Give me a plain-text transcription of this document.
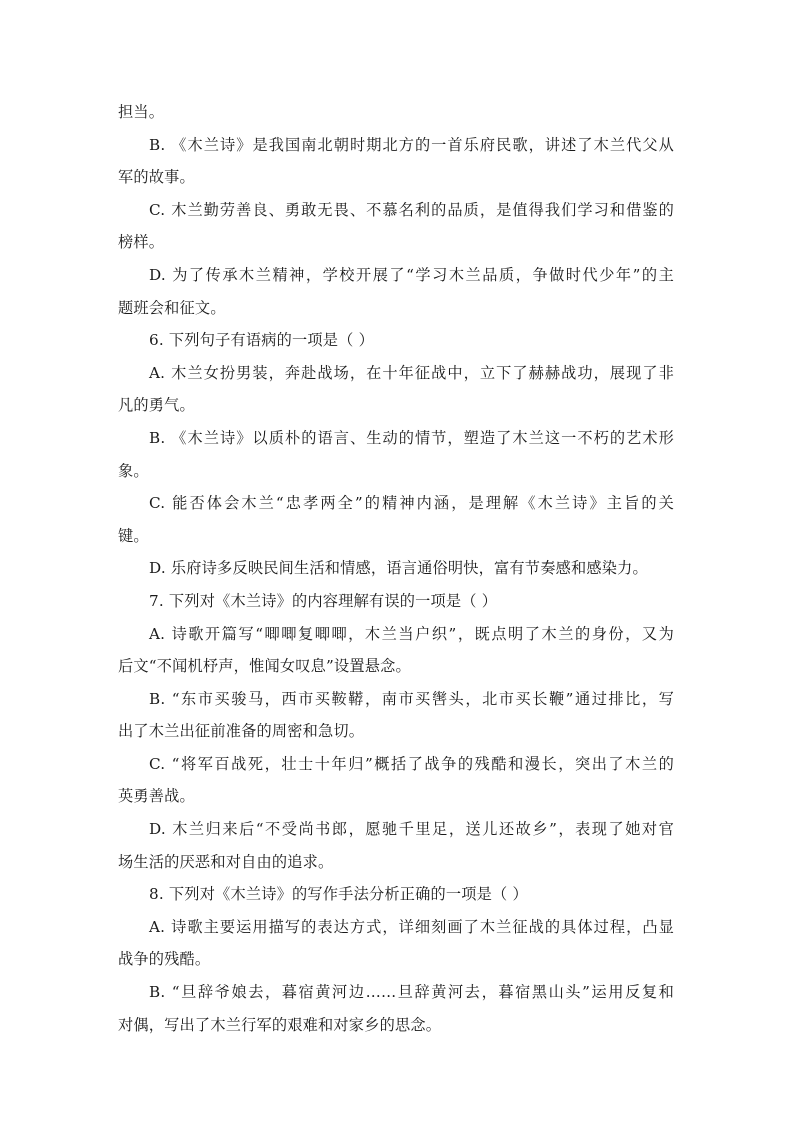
担当。
B. 《木兰诗》是我国南北朝时期北方的一首乐府民歌，讲述了木兰代父从
军的故事。
C. 木兰勤劳善良、勇敢无畏、不慕名利的品质，是值得我们学习和借鉴的
榜样。
D. 为了传承木兰精神，学校开展了“学习木兰品质，争做时代少年”的主
题班会和征文。
6. 下列句子有语病的一项是（ ）
A. 木兰女扮男装，奔赴战场，在十年征战中，立下了赫赫战功，展现了非
凡的勇气。
B. 《木兰诗》以质朴的语言、生动的情节，塑造了木兰这一不朽的艺术形
象。
C. 能否体会木兰“忠孝两全”的精神内涵，是理解《木兰诗》主旨的关
键。
D. 乐府诗多反映民间生活和情感，语言通俗明快，富有节奏感和感染力。
7. 下列对《木兰诗》的内容理解有误的一项是（ ）
A. 诗歌开篇写“唧唧复唧唧，木兰当户织”，既点明了木兰的身份，又为
后文“不闻机杼声，惟闻女叹息”设置悬念。
B. “东市买骏马，西市买鞍鞯，南市买辔头，北市买长鞭”通过排比，写
出了木兰出征前准备的周密和急切。
C. “将军百战死，壮士十年归”概括了战争的残酷和漫长，突出了木兰的
英勇善战。
D. 木兰归来后“不受尚书郎，愿驰千里足，送儿还故乡”，表现了她对官
场生活的厌恶和对自由的追求。
8. 下列对《木兰诗》的写作手法分析正确的一项是（ ）
A. 诗歌主要运用描写的表达方式，详细刻画了木兰征战的具体过程，凸显
战争的残酷。
B. “旦辞爷娘去，暮宿黄河边……旦辞黄河去，暮宿黑山头”运用反复和
对偶，写出了木兰行军的艰难和对家乡的思念。
